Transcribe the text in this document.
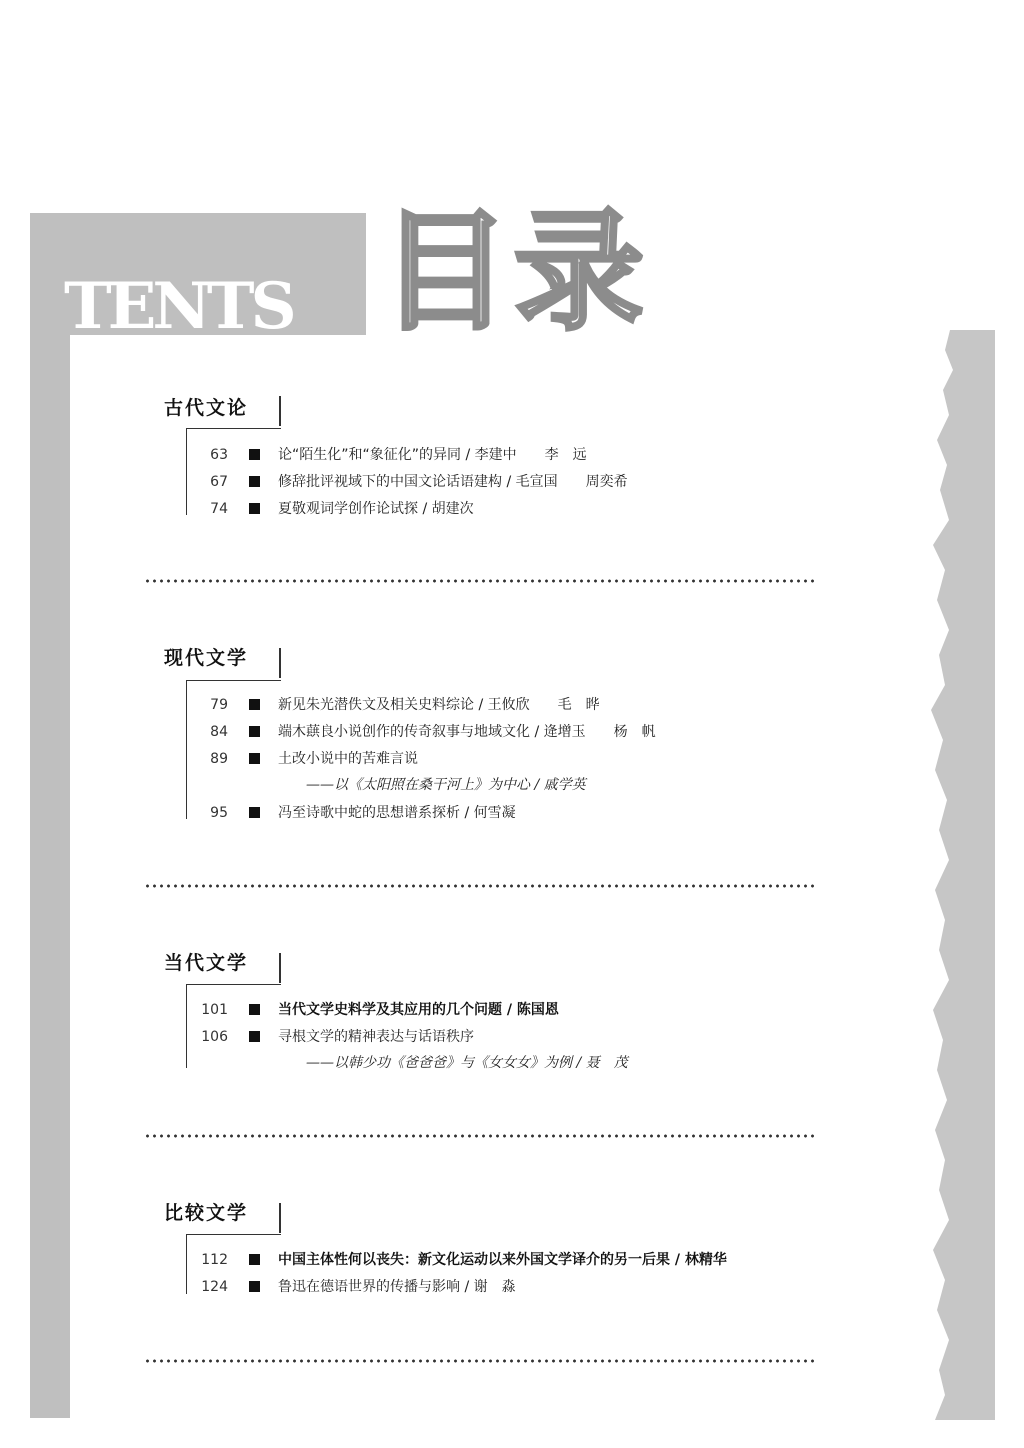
TENTS 目录
古代文论
63	论“陌生化”和“象征化”的异同 / 李建中　　李　远
67	修辞批评视域下的中国文论话语建构 / 毛宣国　　周奕希
74	夏敬观词学创作论试探 / 胡建次
现代文学
79	新见朱光潜佚文及相关史料综论 / 王攸欣　　毛　晔
84	端木蕻良小说创作的传奇叙事与地域文化 / 逄增玉　　杨　帆
89	土改小说中的苦难言说
——以《太阳照在桑干河上》为中心 / 戚学英
95	冯至诗歌中蛇的思想谱系探析 / 何雪凝
当代文学
101	当代文学史料学及其应用的几个问题 / 陈国恩
106	寻根文学的精神表达与话语秩序
——以韩少功《爸爸爸》与《女女女》为例 / 聂　茂
比较文学
112	中国主体性何以丧失：新文化运动以来外国文学译介的另一后果 / 林精华
124	鲁迅在德语世界的传播与影响 / 谢　淼
